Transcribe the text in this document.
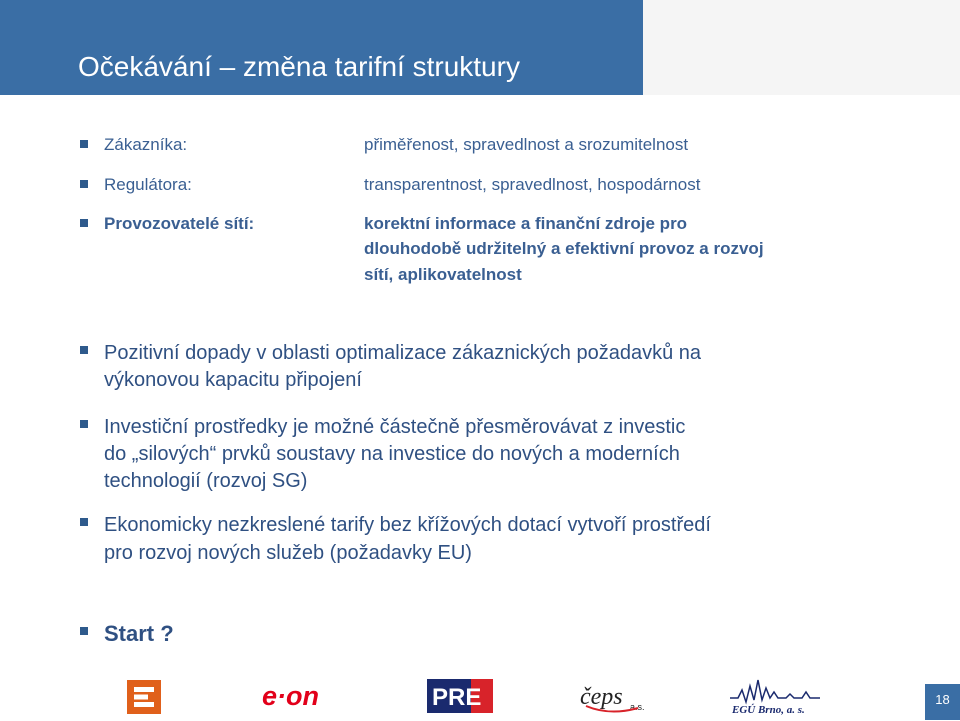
Očekávání – změna tarifní struktury
Zákazníka:	přiměřenost, spravedlnost a srozumitelnost
Regulátora:	transparentnost, spravedlnost, hospodárnost
Provozovatelé sítí:	korektní informace a finanční zdroje pro
dlouhodobě udržitelný a efektivní provoz a rozvoj
sítí, aplikovatelnost
Pozitivní dopady v oblasti optimalizace zákaznických požadavků na
výkonovou kapacitu připojení
Investiční prostředky je možné částečně přesměrovávat z investic
do „silových“ prvků soustavy na investice do nových a moderních
technologií (rozvoj SG)
Ekonomicky nezkreslené tarify bez křížových dotací vytvoří prostředí
pro rozvoj nových služeb (požadavky EU)
Start ?
e·on	PRE	čeps a.s.	EGÚ Brno, a. s.
18
